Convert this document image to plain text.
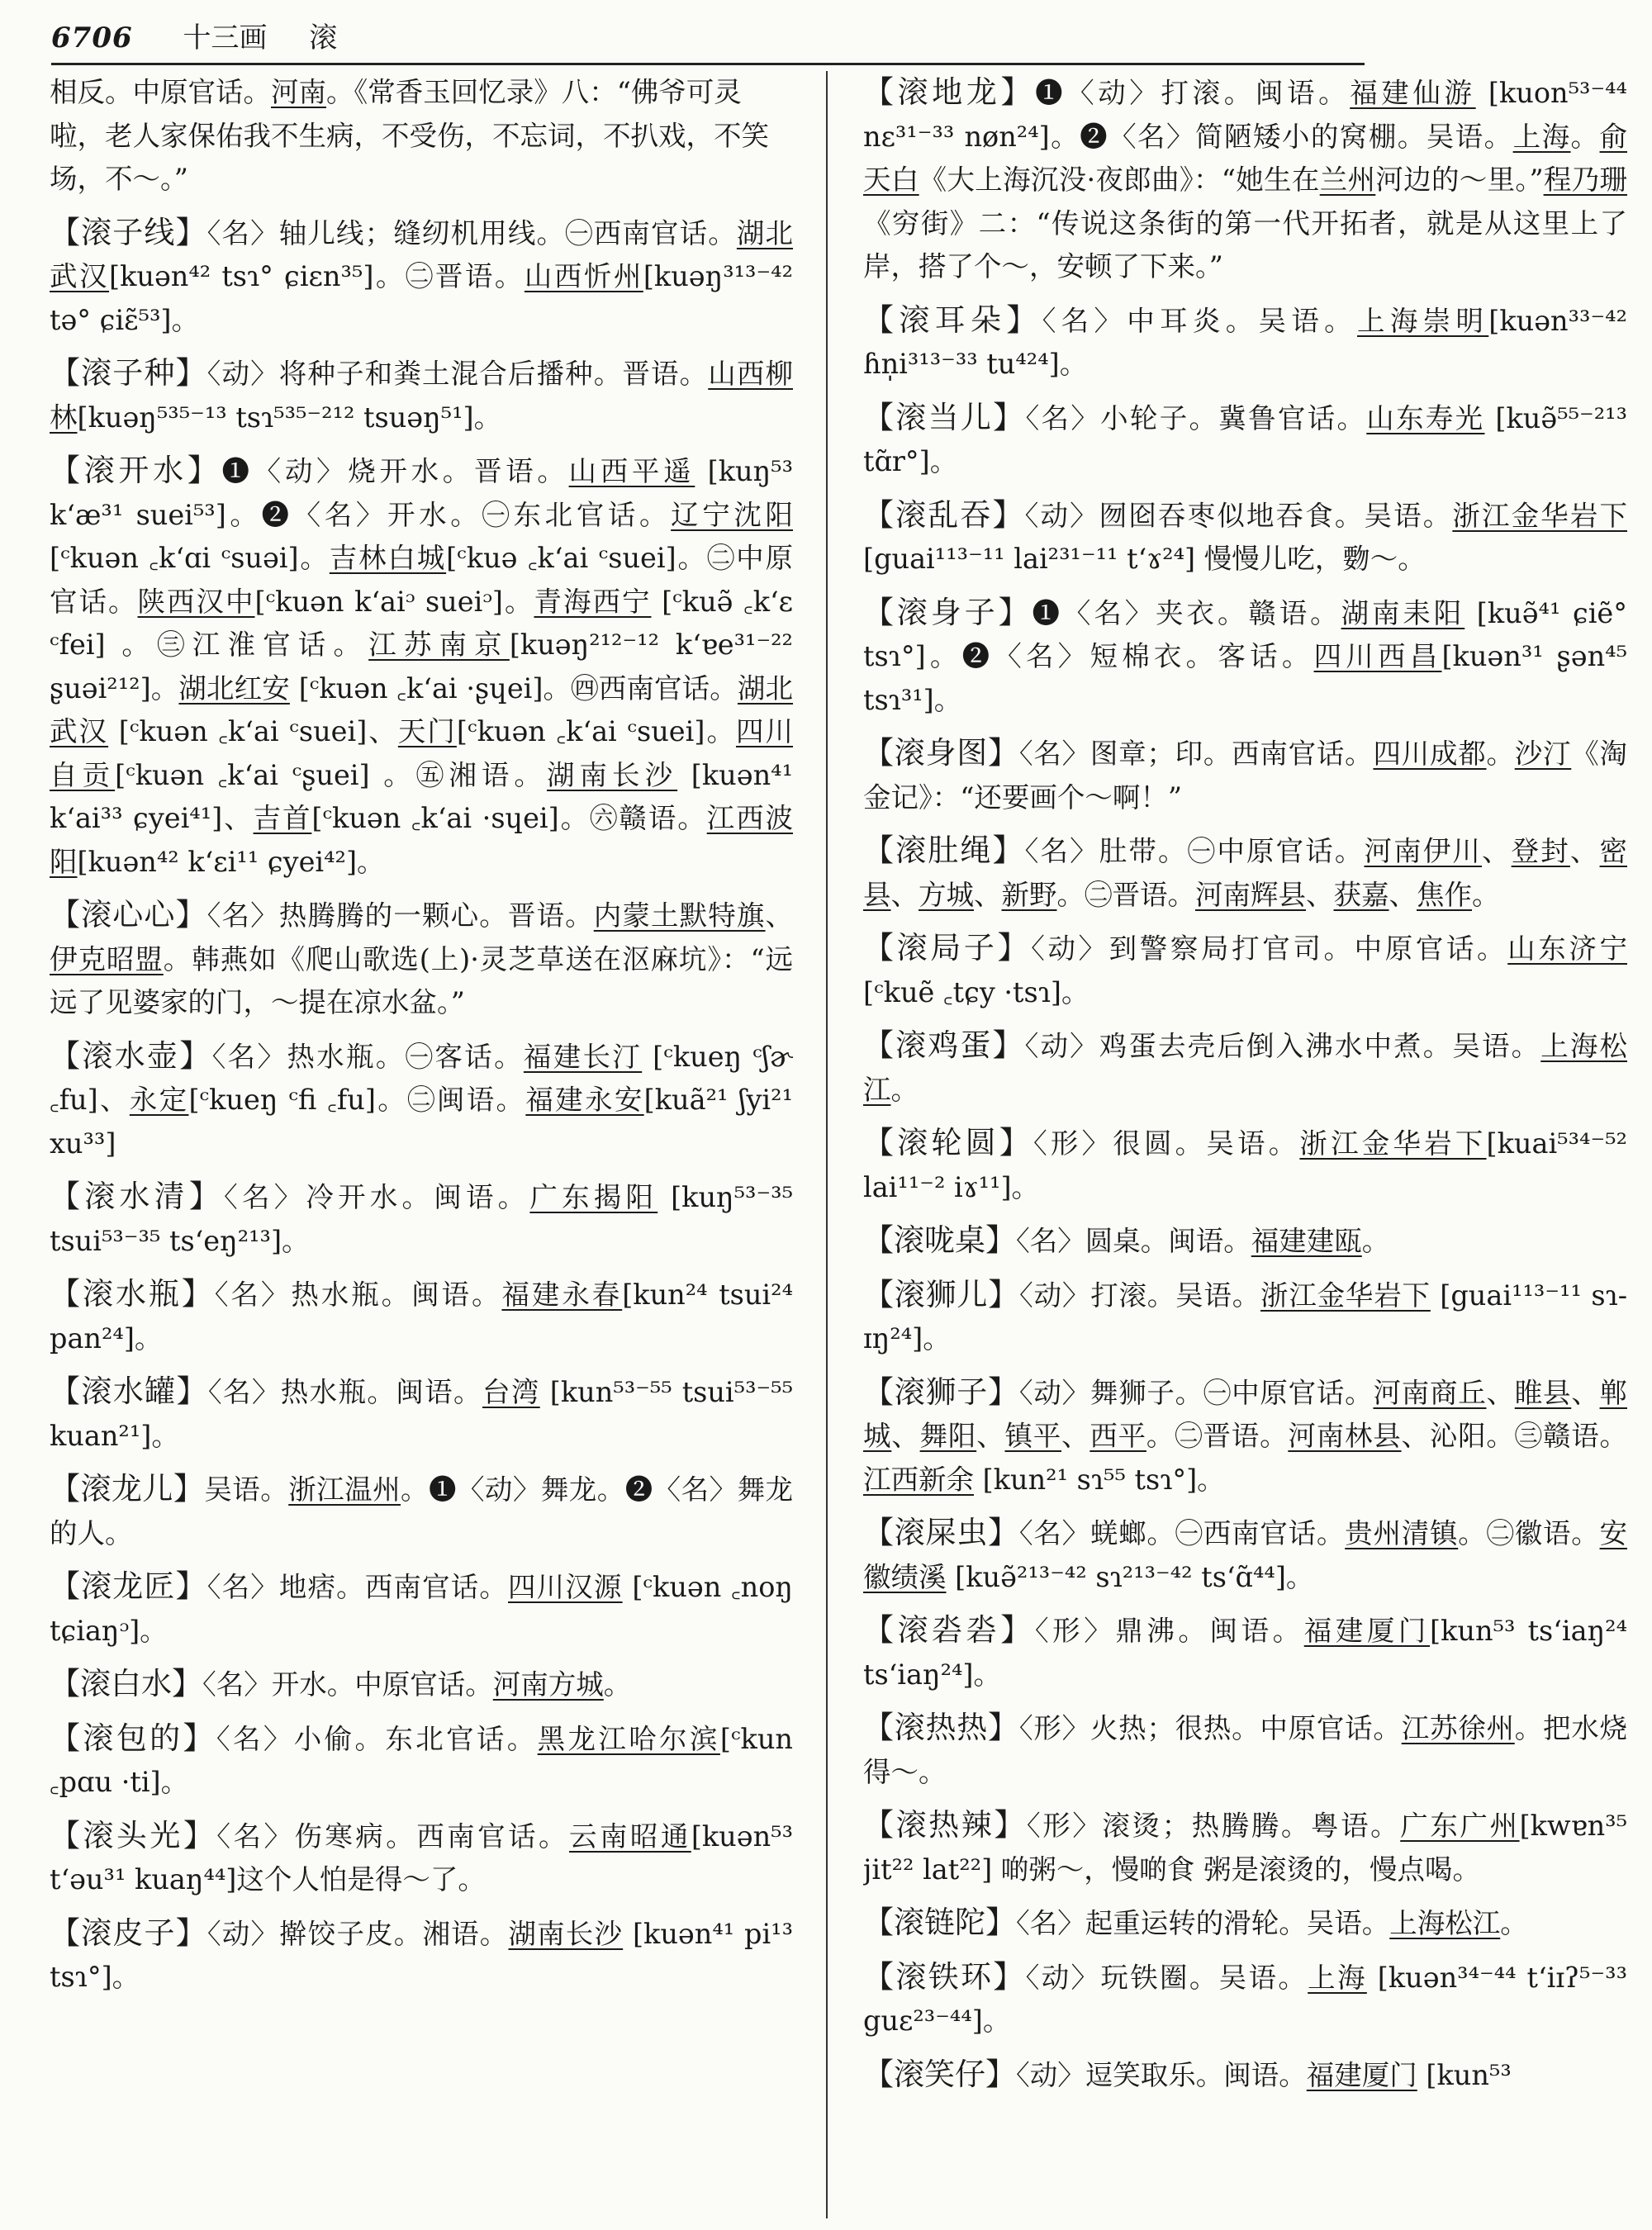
6706 十三画 滚

相反。中原官话。河南。《常香玉回忆录》八：“佛爷可灵啦，老人家保佑我不生病，不受伤，不忘词，不扒戏，不笑场，不～。”

【滚子线】〈名〉轴儿线；缝纫机用线。㊀西南官话。湖北武汉[kuən⁴² tsɿ° ɕiɛn³⁵]。㊁晋语。山西忻州[kuəŋ³¹³⁻⁴² tə° ɕiɛ̃⁵³]。

【滚子种】〈动〉将种子和粪土混合后播种。晋语。山西柳林[kuəŋ⁵³⁵⁻¹³ tsɿ⁵³⁵⁻²¹² tsuəŋ⁵¹]。

【滚开水】❶〈动〉烧开水。晋语。山西平遥 [kuŋ⁵³ k‘æ³¹ suei⁵³]。❷〈名〉开水。㊀东北官话。辽宁沈阳[ᶜkuən ꜀k‘ɑi ᶜsuəi]。吉林白城[ᶜkuə ꜀k‘ai ᶜsuei]。㊁中原官话。陕西汉中[ᶜkuən k‘aiᵓ sueiᵓ]。青海西宁 [ᶜkuə̃ ꜀k‘ɛ ᶜfei] 。㊂江淮官话。江苏南京[kuəŋ²¹²⁻¹² k‘ɐe³¹⁻²² ʂuəi²¹²]。湖北红安 [ᶜkuən ꜀k‘ai ·ʂɥei]。㊃西南官话。湖北武汉 [ᶜkuən ꜀k‘ai ᶜsuei]、天门[ᶜkuən ꜀k‘ai ᶜsuei]。四川自贡[ᶜkuən ꜀k‘ai ᶜʂuei] 。㊄湘语。湖南长沙 [kuən⁴¹ k‘ai³³ ɕyei⁴¹]、吉首[ᶜkuən ꜀k‘ai ·sɥei]。㊅赣语。江西波阳[kuən⁴² k‘ɛi¹¹ ɕyei⁴²]。

【滚心心】〈名〉热腾腾的一颗心。晋语。内蒙土默特旗、伊克昭盟。韩燕如《爬山歌选(上)·灵芝草送在沤麻坑》：“远远了见婆家的门，～提在凉水盆。”

【滚水壶】〈名〉热水瓶。㊀客话。福建长汀 [ᶜkueŋ ᶜʃɚ ꜀fu]、永定[ᶜkueŋ ᶜfi ꜀fu]。㊁闽语。福建永安[kuã²¹ ʃyi²¹ xu³³]

【滚水清】〈名〉冷开水。闽语。广东揭阳 [kuŋ⁵³⁻³⁵ tsui⁵³⁻³⁵ ts‘eŋ²¹³]。

【滚水瓶】〈名〉热水瓶。闽语。福建永春[kun²⁴ tsui²⁴ pan²⁴]。

【滚水罐】〈名〉热水瓶。闽语。台湾 [kun⁵³⁻⁵⁵ tsui⁵³⁻⁵⁵ kuan²¹]。

【滚龙儿】吴语。浙江温州。❶〈动〉舞龙。❷〈名〉舞龙的人。

【滚龙匠】〈名〉地痞。西南官话。四川汉源 [ᶜkuən ꜀noŋ tɕiaŋᵓ]。

【滚白水】〈名〉开水。中原官话。河南方城。

【滚包的】〈名〉小偷。东北官话。黑龙江哈尔滨[ᶜkun ꜀pɑu ·ti]。

【滚头光】〈名〉伤寒病。西南官话。云南昭通[kuən⁵³ t‘əu³¹ kuaŋ⁴⁴]这个人怕是得～了。

【滚皮子】〈动〉擀饺子皮。湘语。湖南长沙 [kuən⁴¹ pi¹³ tsɿ°]。

【滚地龙】❶〈动〉打滚。闽语。福建仙游 [kuon⁵³⁻⁴⁴ nɛ³¹⁻³³ nøn²⁴]。❷〈名〉简陋矮小的窝棚。吴语。上海。俞天白《大上海沉没·夜郎曲》：“她生在兰州河边的～里。”程乃珊《穷街》二：“传说这条街的第一代开拓者，就是从这里上了岸，搭了个～，安顿了下来。”

【滚耳朵】〈名〉中耳炎。吴语。上海崇明[kuən³³⁻⁴² ɦn̩i³¹³⁻³³ tu⁴²⁴]。

【滚当儿】〈名〉小轮子。冀鲁官话。山东寿光 [kuə̃⁵⁵⁻²¹³ tɑ̃r°]。

【滚乱吞】〈动〉囫囵吞枣似地吞食。吴语。浙江金华岩下 [guai¹¹³⁻¹¹ lai²³¹⁻¹¹ t‘ɤ²⁴] 慢慢儿吃，覅～。

【滚身子】❶〈名〉夹衣。赣语。湖南耒阳 [kuə̃⁴¹ ɕiẽ° tsɿ°]。❷〈名〉短棉衣。客话。四川西昌[kuən³¹ ʂən⁴⁵ tsɿ³¹]。

【滚身图】〈名〉图章；印。西南官话。四川成都。沙汀《淘金记》：“还要画个～啊！”

【滚肚绳】〈名〉肚带。㊀中原官话。河南伊川、登封、密县、方城、新野。㊁晋语。河南辉县、获嘉、焦作。

【滚局子】〈动〉到警察局打官司。中原官话。山东济宁 [ᶜkuẽ ꜀tɕy ·tsɿ]。

【滚鸡蛋】〈动〉鸡蛋去壳后倒入沸水中煮。吴语。上海松江。

【滚轮圆】〈形〉很圆。吴语。浙江金华岩下[kuai⁵³⁴⁻⁵² lai¹¹⁻² iɤ¹¹]。

【滚咙桌】〈名〉圆桌。闽语。福建建瓯。

【滚狮儿】〈动〉打滚。吴语。浙江金华岩下 [guai¹¹³⁻¹¹ sɿ-ɪŋ²⁴]。

【滚狮子】〈动〉舞狮子。㊀中原官话。河南商丘、睢县、郸城、舞阳、镇平、西平。㊁晋语。河南林县、沁阳。㊂赣语。江西新余 [kun²¹ sɿ⁵⁵ tsɿ°]。

【滚屎虫】〈名〉蜣螂。㊀西南官话。贵州清镇。㊁徽语。安徽绩溪 [kuə̃²¹³⁻⁴² sɿ²¹³⁻⁴² ts‘ɑ̃⁴⁴]。

【滚沯沯】〈形〉鼎沸。闽语。福建厦门[kun⁵³ ts‘iaŋ²⁴ ts‘iaŋ²⁴]。

【滚热热】〈形〉火热；很热。中原官话。江苏徐州。把水烧得～。

【滚热辣】〈形〉滚烫；热腾腾。粤语。广东广州[kwɐn³⁵ jit²² lat²²] 啲粥～，慢啲食 粥是滚烫的，慢点喝。

【滚链陀】〈名〉起重运转的滑轮。吴语。上海松江。

【滚铁环】〈动〉玩铁圈。吴语。上海 [kuən³⁴⁻⁴⁴ t‘iɪʔ⁵⁻³³ guɛ²³⁻⁴⁴]。

【滚笑仔】〈动〉逗笑取乐。闽语。福建厦门 [kun⁵³
